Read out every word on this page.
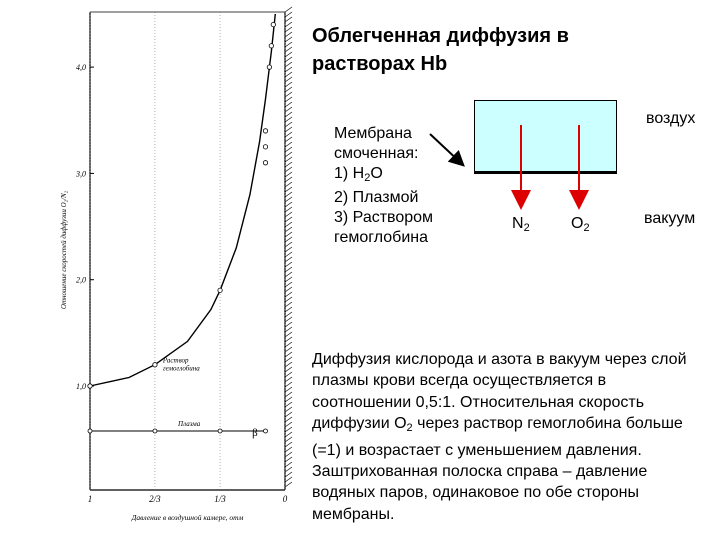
1	2/3	1/3	0
1,0
2,0
3,0
4,0
Отношение скоростей диффузии O₂/N₂
Давление в воздушной камере, отм
Раствор
гемоглобина
Плазма
β
Облегченная диффузия в растворах Hb
Мембрана
смоченная:
1) $H_2O$
2) Плазмой
3) Раствором
гемоглобина
воздух
вакуум
$N_2$	$O_2$
Диффузия кислорода и азота в вакуум через слой плазмы крови всегда осуществляется в соотношении 0,5:1. Относительная скорость диффузии $O_2$ через раствор гемоглобина больше (=1) и возрастает с уменьшением давления. Заштрихованная полоска справа – давление водяных паров, одинаковое по обе стороны мембраны.
